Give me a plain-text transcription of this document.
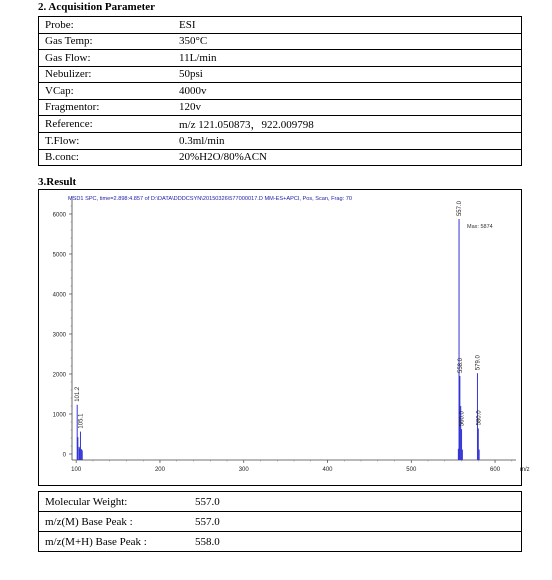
2. Acquisition Parameter
Probe:	ESI
Gas Temp:	350°C
Gas Flow:	11L/min
Nebulizer:	50psi
VCap:	4000v
Fragmentor:	120v
Reference:	m/z 121.050873，922.009798
T.Flow:	0.3ml/min
B.conc:	20%H2O/80%ACN
3.Result
0
1000
2000
3000
4000
5000
6000
100	200	300	400	500	600	m/z
MSD1 SPC, time=2.898:4.857 of D:\DATA\DDDCSYN\20150326\577000017.D MM-ES+APCI, Pos, Scan, Frag: 70
Max: 5874
101.2
105.1
557.0
558.0
560.0
579.0
580.0
Molecular Weight:	557.0
m/z(M) Base Peak :	557.0
m/z(M+H) Base Peak :	558.0
